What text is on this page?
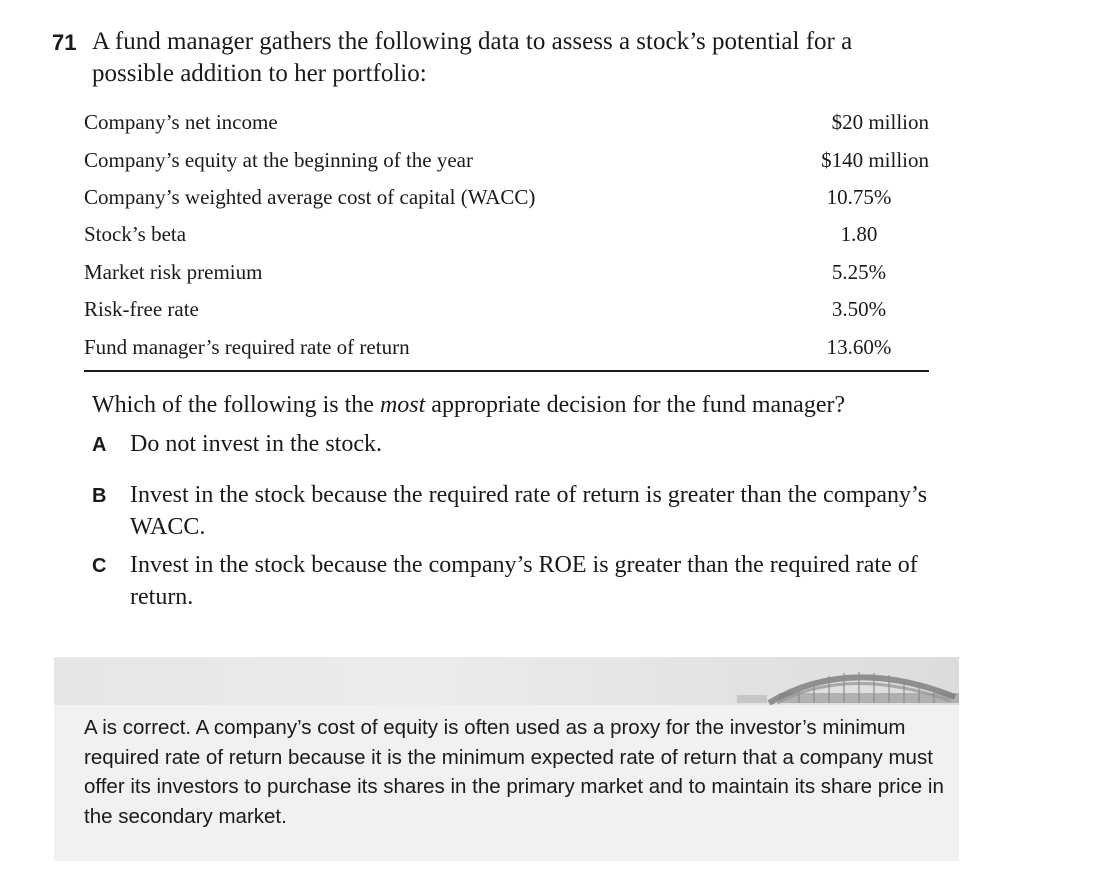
71 A fund manager gathers the following data to assess a stock’s potential for a possible addition to her portfolio:
Company’s net income	$20 million
Company’s equity at the beginning of the year	$140 million
Company’s weighted average cost of capital (WACC)	10.75%
Stock’s beta	1.80
Market risk premium	5.25%
Risk-free rate	3.50%
Fund manager’s required rate of return	13.60%
Which of the following is the most appropriate decision for the fund manager?
A Do not invest in the stock.
B Invest in the stock because the required rate of return is greater than the company’s WACC.
C Invest in the stock because the company’s ROE is greater than the required rate of return.
A is correct. A company’s cost of equity is often used as a proxy for the investor’s minimum required rate of return because it is the minimum expected rate of return that a company must offer its investors to purchase its shares in the primary market and to maintain its share price in the secondary market.
